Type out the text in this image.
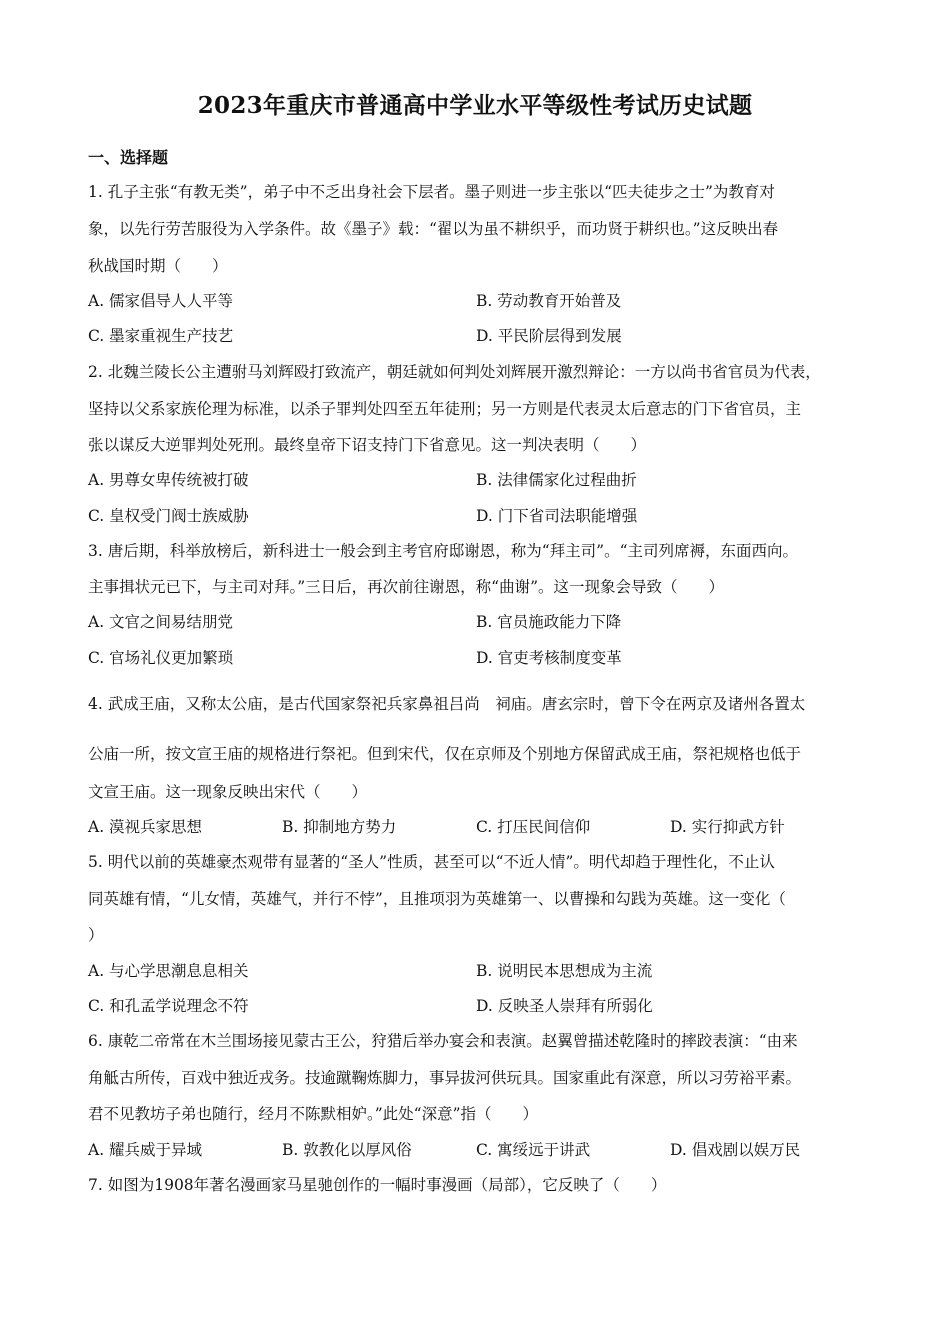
2023年重庆市普通高中学业水平等级性考试历史试题
一、选择题
1. 孔子主张“有教无类”，弟子中不乏出身社会下层者。墨子则进一步主张以“匹夫徒步之士”为教育对
象，以先行劳苦服役为入学条件。故《墨子》载：“翟以为虽不耕织乎，而功贤于耕织也。”这反映出春
秋战国时期（　　）
A. 儒家倡导人人平等	B. 劳动教育开始普及
C. 墨家重视生产技艺	D. 平民阶层得到发展
2. 北魏兰陵长公主遭驸马刘辉殴打致流产，朝廷就如何判处刘辉展开激烈辩论：一方以尚书省官员为代表，
坚持以父系家族伦理为标准，以杀子罪判处四至五年徒刑；另一方则是代表灵太后意志的门下省官员，主
张以谋反大逆罪判处死刑。最终皇帝下诏支持门下省意见。这一判决表明（　　）
A. 男尊女卑传统被打破	B. 法律儒家化过程曲折
C. 皇权受门阀士族威胁	D. 门下省司法职能增强
3. 唐后期，科举放榜后，新科进士一般会到主考官府邸谢恩，称为“拜主司”。“主司列席褥，东面西向。
主事揖状元已下，与主司对拜。”三日后，再次前往谢恩，称“曲谢”。这一现象会导致（　　）
A. 文官之间易结朋党	B. 官员施政能力下降
C. 官场礼仪更加繁琐	D. 官吏考核制度变革
4. 武成王庙，又称太公庙，是古代国家祭祀兵家鼻祖吕尚　祠庙。唐玄宗时，曾下令在两京及诸州各置太
公庙一所，按文宣王庙的规格进行祭祀。但到宋代，仅在京师及个别地方保留武成王庙，祭祀规格也低于
文宣王庙。这一现象反映出宋代（　　）
A. 漠视兵家思想	B. 抑制地方势力	C. 打压民间信仰	D. 实行抑武方针
5. 明代以前的英雄豪杰观带有显著的“圣人”性质，甚至可以“不近人情”。明代却趋于理性化，不止认
同英雄有情，“儿女情，英雄气，并行不悖”，且推项羽为英雄第一、以曹操和勾践为英雄。这一变化（
）
A. 与心学思潮息息相关	B. 说明民本思想成为主流
C. 和孔孟学说理念不符	D. 反映圣人崇拜有所弱化
6. 康乾二帝常在木兰围场接见蒙古王公，狩猎后举办宴会和表演。赵翼曾描述乾隆时的摔跤表演：“由来
角觝古所传，百戏中独近戎务。技逾蹴鞠炼脚力，事异拔河供玩具。国家重此有深意，所以习劳裕平素。
君不见教坊子弟也随行，经月不陈默相妒。”此处“深意”指（　　）
A. 耀兵威于异域	B. 敦教化以厚风俗	C. 寓绥远于讲武	D. 倡戏剧以娱万民
7. 如图为1908年著名漫画家马星驰创作的一幅时事漫画（局部），它反映了（　　）
